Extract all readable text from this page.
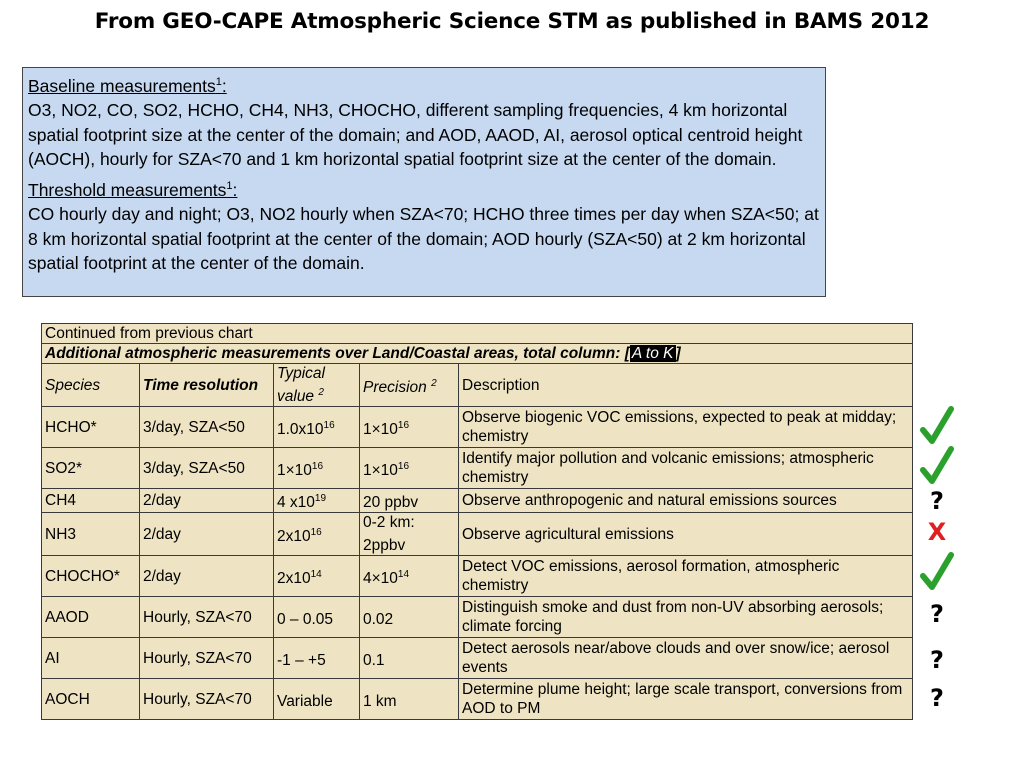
From GEO-CAPE Atmospheric Science STM as published in BAMS 2012

Baseline measurements$^1$:

O3, NO2, CO, SO2, HCHO, CH4, NH3, CHOCHO, different sampling frequencies, 4 km horizontal spatial footprint size at the center of the domain; and AOD, AAOD, AI, aerosol optical centroid height (AOCH), hourly for SZA<70 and 1 km horizontal spatial footprint size at the center of the domain.

Threshold measurements$^1$:

CO hourly day and night; O3, NO2 hourly when SZA<70; HCHO three times per day when SZA<50; at 8 km horizontal spatial footprint at the center of the domain; AOD hourly (SZA<50) at 2 km horizontal spatial footprint at the center of the domain.

Continued from previous chart				
Additional atmospheric measurements over Land/Coastal areas, total column: [ A to K ]				
Species	Time resolution	Typical value $^2$	Precision $^2$	Description
HCHO*	3/day, SZA<50	$1.0x10^{16}$	$1\times 10^{16}$	Observe biogenic VOC emissions, expected to peak at midday; chemistry
SO2*	3/day, SZA<50	$1\times 10^{16}$	$1\times 10^{16}$	Identify major pollution and volcanic emissions; atmospheric chemistry
CH4	2/day	4 $x10^{19}$	20 ppbv	Observe anthropogenic and natural emissions sources
NH3	2/day	$2x10^{16}$	0-2 km: 2ppbv	Observe agricultural emissions
CHOCHO*	2/day	$2x10^{14}$	$4\times 10^{14}$	Detect VOC emissions, aerosol formation, atmospheric chemistry
AAOD	Hourly, SZA<70	0 – 0.05	0.02	Distinguish smoke and dust from non-UV absorbing aerosols; climate forcing
AI	Hourly, SZA<70	-1 – +5	0.1	Detect aerosols near/above clouds and over snow/ice; aerosol events
AOCH	Hourly, SZA<70	Variable	1 km	Determine plume height; large scale transport, conversions from AOD to PM
?
X
?
?
?
